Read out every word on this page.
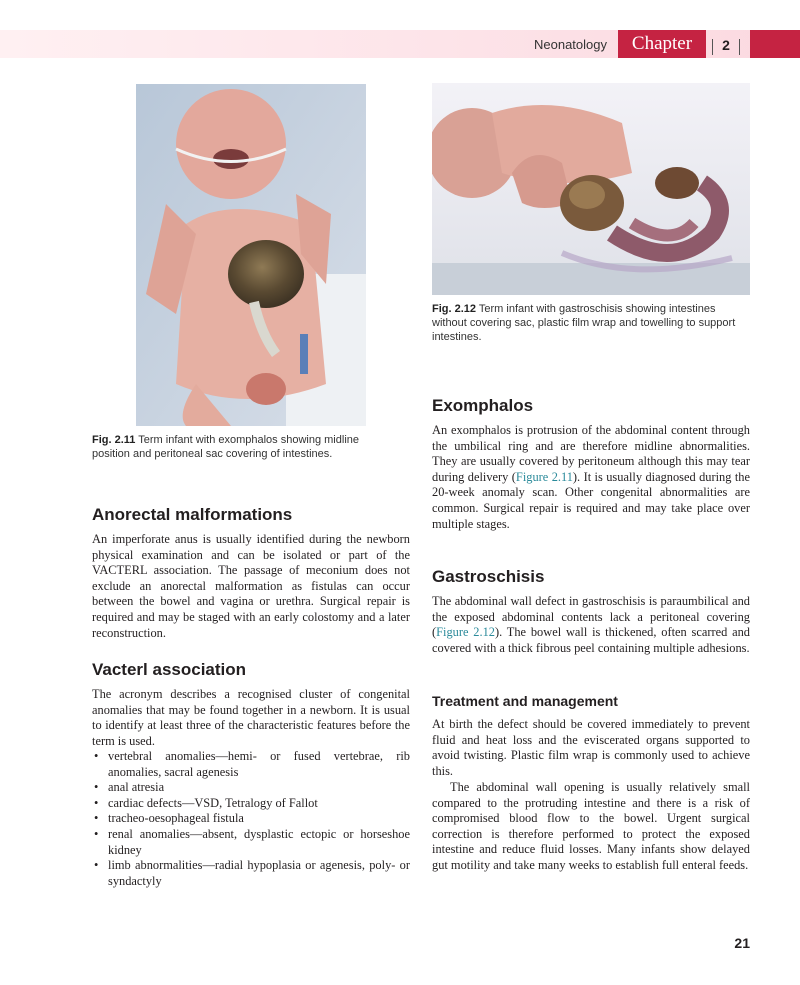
Neonatology	Chapter	2
Fig. 2.12 Term infant with gastroschisis showing intestines without covering sac, plastic film wrap and towelling to support intestines.
Fig. 2.11 Term infant with exomphalos showing midline position and peritoneal sac covering of intestines.
Anorectal malformations

An imperforate anus is usually identified during the newborn physical examination and can be isolated or part of the VACTERL association. The passage of meconium does not exclude an anorectal malformation as fistulas can occur between the bowel and vagina or urethra. Surgical repair is required and may be staged with an early colostomy and a later reconstruction.

Vacterl association

The acronym describes a recognised cluster of congenital anomalies that may be found together in a newborn. It is usual to identify at least three of the characteristic features before the term is used.

• vertebral anomalies—hemi- or fused vertebrae, rib anomalies, sacral agenesis
• anal atresia
• cardiac defects—VSD, Tetralogy of Fallot
• tracheo-oesophageal fistula
• renal anomalies—absent, dysplastic ectopic or horseshoe kidney
• limb abnormalities—radial hypoplasia or agenesis, poly- or syndactyly
Exomphalos

An exomphalos is protrusion of the abdominal content through the umbilical ring and are therefore midline abnormalities. They are usually covered by peritoneum although this may tear during delivery (Figure 2.11). It is usually diagnosed during the 20-week anomaly scan. Other congenital abnormalities are common. Surgical repair is required and may take place over multiple stages.

Gastroschisis

The abdominal wall defect in gastroschisis is paraumbilical and the exposed abdominal contents lack a peritoneal covering (Figure 2.12). The bowel wall is thickened, often scarred and covered with a thick fibrous peel containing multiple adhesions.

Treatment and management

At birth the defect should be covered immediately to prevent fluid and heat loss and the eviscerated organs supported to avoid twisting. Plastic film wrap is commonly used to achieve this.

The abdominal wall opening is usually relatively small compared to the protruding intestine and there is a risk of compromised blood flow to the bowel. Urgent surgical correction is therefore performed to protect the exposed intestine and reduce fluid losses. Many infants show delayed gut motility and take many weeks to establish full enteral feeds.

21
